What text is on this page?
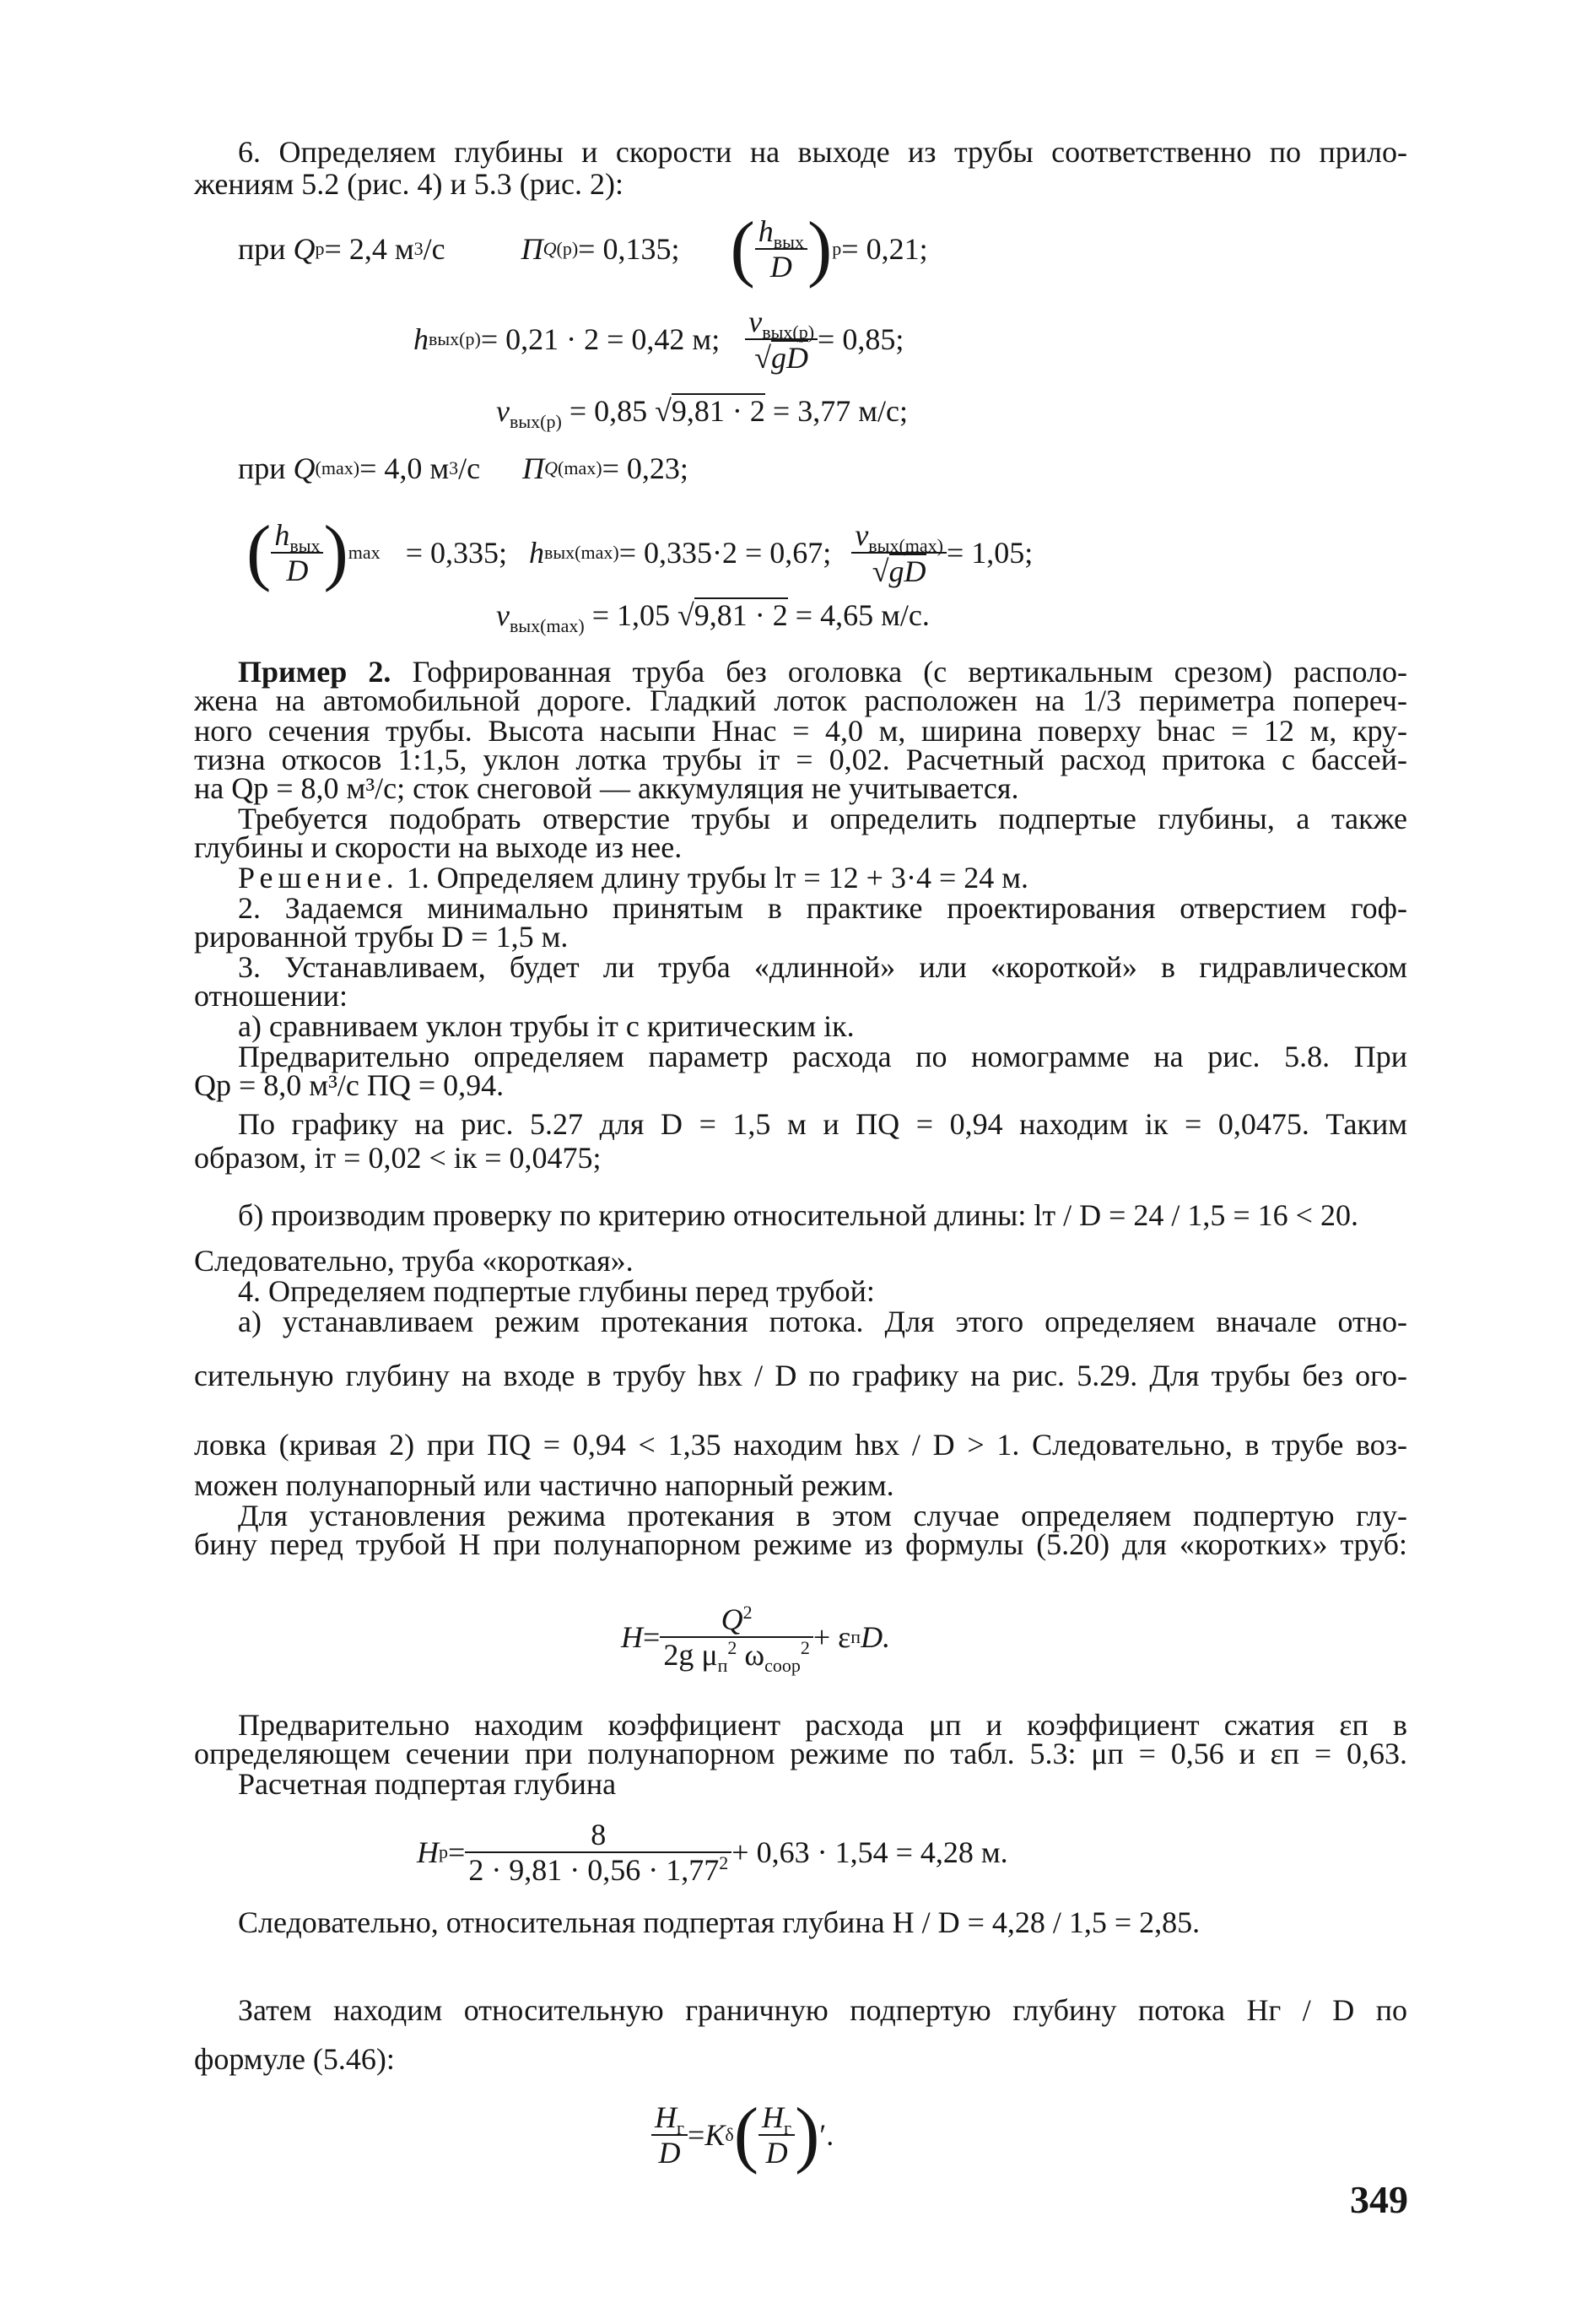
6. Определяем глубины и скорости на выходе из трубы соответственно по прило-
жениям 5.2 (рис. 4) и 5.3 (рис. 2):
при
Q р = 2,4 м 3 /с	П Q(р) = 0,135; ( $\frac{h_{вых}}{D}$ ) р = 0,21;
h вых(р) = 0,21 · 2 = 0,42 м; $\frac{v_{вых(р)}}{√gD} = 0,85$;
$v_{вых(р)} = 0,85$ √9,81 · 2 = 3,77 м/с;
при
Q (max) = 4,0 м 3 /с П Q(max) = 0,23;
( $\frac{h_{вых}}{D}$ ) max = 0,335; h вых(max) = 0,335·2 = 0,67; $\frac{v_{вых(max)}}{√gD} = 1,05$;
$v_{вых(max)} = 1,05$ √9,81 · 2 = 4,65 м/с.
Пример 2. Гофрированная труба без оголовка (с вертикальным срезом) располо-
жена на автомобильной дороге. Гладкий лоток расположен на 1/3 периметра попереч-
ного сечения трубы. Высота насыпи Hнас = 4,0 м, ширина поверху bнас = 12 м, кру-
тизна откосов 1:1,5, уклон лотка трубы iт = 0,02. Расчетный расход притока с бассей-
на Qр = 8,0 м³/с; сток снеговой — аккумуляция не учитывается.
Требуется подобрать отверстие трубы и определить подпертые глубины, а также
глубины и скорости на выходе из нее.
Решение. 1. Определяем длину трубы lт = 12 + 3·4 = 24 м.
2. Задаемся минимально принятым в практике проектирования отверстием гоф-
рированной трубы D = 1,5 м.
3. Устанавливаем, будет ли труба «длинной» или «короткой» в гидравлическом
отношении:
а) сравниваем уклон трубы iт с критическим iк.
Предварительно определяем параметр расхода по номограмме на рис. 5.8. При
Qр = 8,0 м³/с ПQ = 0,94.
По графику на рис. 5.27 для D = 1,5 м и ПQ = 0,94 находим iк = 0,0475. Таким
образом, iт = 0,02 < iк = 0,0475;
б) производим проверку по критерию относительной длины: lт / D = 24 / 1,5 = 16 < 20.
Следовательно, труба «короткая».
4. Определяем подпертые глубины перед трубой:
а) устанавливаем режим протекания потока. Для этого определяем вначале отно-
сительную глубину на входе в трубу hвх / D по графику на рис. 5.29. Для трубы без ого-
ловка (кривая 2) при ПQ = 0,94 < 1,35 находим hвх / D > 1. Следовательно, в трубе воз-
можен полунапорный или частично напорный режим.
Для установления режима протекания в этом случае определяем подпертую глу-
бину перед трубой H при полунапорном режиме из формулы (5.20) для «коротких» труб:
$H = \frac{Q^2}{2g \mu_п^2 \omega_{соор}^2} + \varepsilon$ п D.
Предварительно находим коэффициент расхода μп и коэффициент сжатия εп в
определяющем сечении при полунапорном режиме по табл. 5.3: μп = 0,56 и εп = 0,63.
Расчетная подпертая глубина
H $р = \frac{8}{2 \cdot 9,81 \cdot 0,56 \cdot 1,77^2} + 0,63 \cdot 1,54 = 4,28$ м.
Следовательно, относительная подпертая глубина H / D = 4,28 / 1,5 = 2,85.
Затем находим относительную граничную подпертую глубину потока Hг / D по
формуле (5.46):
$\frac{H_г}{D} = K$ δ ( $\frac{H_г}{D}$ ) ′.
349
